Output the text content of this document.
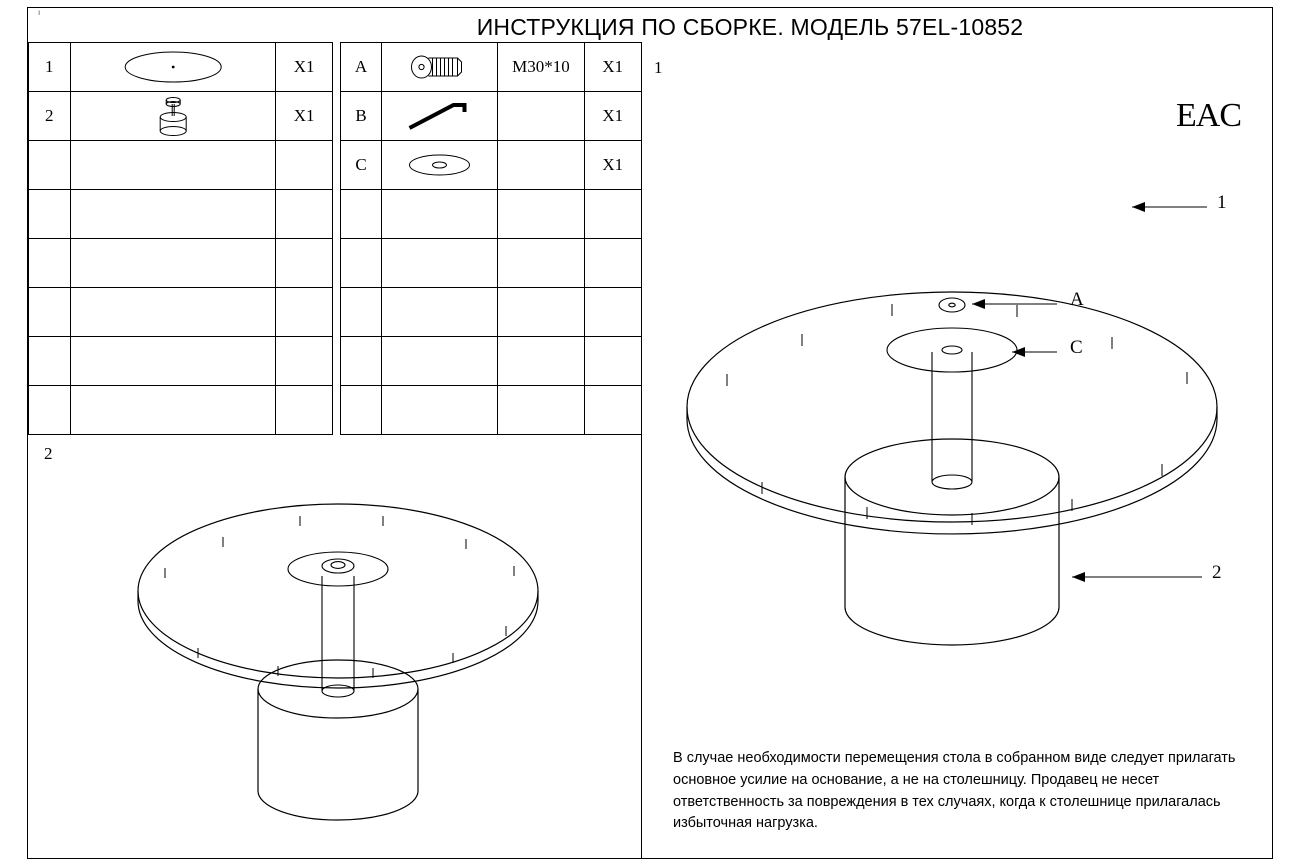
ı
ИНСТРУКЦИЯ ПО СБОРКЕ. МОДЕЛЬ 57EL-10852
1		X1		A		M30*10	X1
2		X1		B			X1
				C			X1

1
EAC
1
A
C
2
В случае необходимости перемещения стола в собранном виде следует прилагать основное усилие на основание, а не на столешницу. Продавец не несет ответственность за повреждения в тех случаях, когда к столешнице прилагалась избыточная нагрузка.
2
